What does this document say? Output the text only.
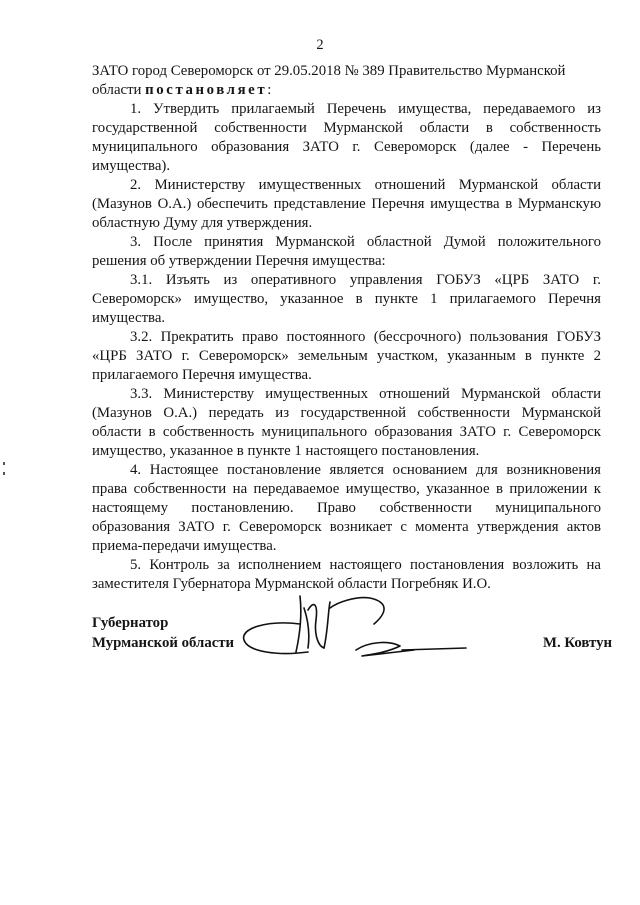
2

ЗАТО город Североморск от 29.05.2018 № 389 Правительство Мурманской
области постановляет:

1. Утвердить прилагаемый Перечень имущества, передаваемого из государственной собственности Мурманской области в собственность муниципального образования ЗАТО г. Североморск (далее - Перечень имущества).

2. Министерству имущественных отношений Мурманской области (Мазунов О.А.) обеспечить представление Перечня имущества в Мурманскую областную Думу для утверждения.

3. После принятия Мурманской областной Думой положительного решения об утверждении Перечня имущества:

3.1. Изъять из оперативного управления ГОБУЗ «ЦРБ ЗАТО г. Североморск» имущество, указанное в пункте 1 прилагаемого Перечня имущества.

3.2. Прекратить право постоянного (бессрочного) пользования ГОБУЗ «ЦРБ ЗАТО г. Североморск» земельным участком, указанным в пункте 2 прилагаемого Перечня имущества.

3.3. Министерству имущественных отношений Мурманской области (Мазунов О.А.) передать из государственной собственности Мурманской области в собственность муниципального образования ЗАТО г. Североморск имущество, указанное в пункте 1 настоящего постановления.

4. Настоящее постановление является основанием для возникновения права собственности на передаваемое имущество, указанное в приложении к настоящему постановлению. Право собственности муниципального образования ЗАТО г. Североморск возникает с момента утверждения актов приема-передачи имущества.

5. Контроль за исполнением настоящего постановления возложить на заместителя Губернатора Мурманской области Погребняк И.О.

Губернатор
Мурманской области	М. Ковтун
